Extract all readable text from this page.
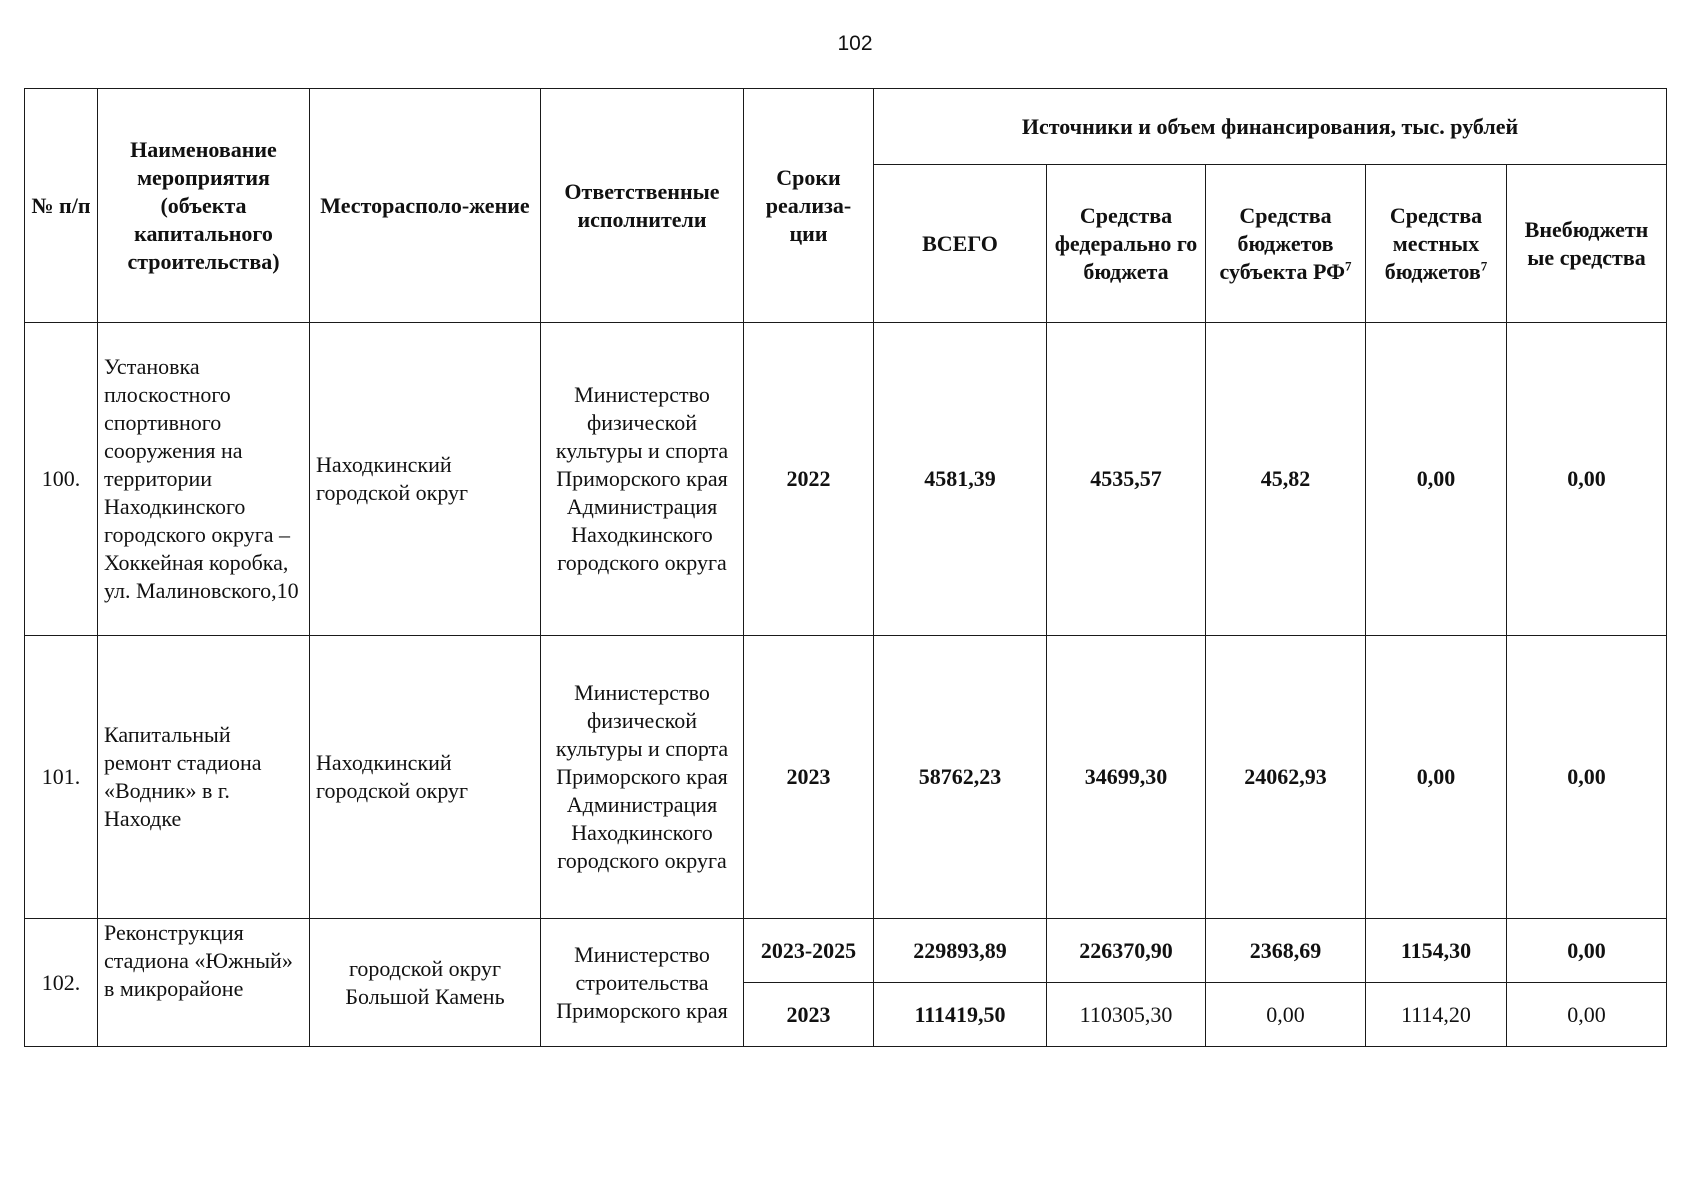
102
№ п/п	Наименование мероприятия (объекта капитального строительства)	Месторасполо-жение	Ответственные исполнители	Сроки реализа-ции	Источники и объем финансирования, тыс. рублей				
					ВСЕГО	Средства федерально го бюджета	Средства бюджетов субъекта $РФ^7$	Средства местных бюджетов$^7$	Внебюджетн ые средства
100.	Установка плоскостного спортивного сооружения на территории Находкинского городского округа – Хоккейная коробка, ул. Малиновского,10	Находкинский городской округ	Министерство физической культуры и спорта Приморского края Администрация Находкинского городского округа	2022	4581,39	4535,57	45,82	0,00	0,00
101.	Капитальный ремонт стадиона «Водник» в г. Находке	Находкинский городской округ	Министерство физической культуры и спорта Приморского края Администрация Находкинского городского округа	2023	58762,23	34699,30	24062,93	0,00	0,00
102.	Реконструкция стадиона «Южный» в микрорайоне	городской округ Большой Камень	Министерство строительства Приморского края	2023-2025	229893,89	226370,90	2368,69	1154,30	0,00
				2023	111419,50	110305,30	0,00	1114,20	0,00
